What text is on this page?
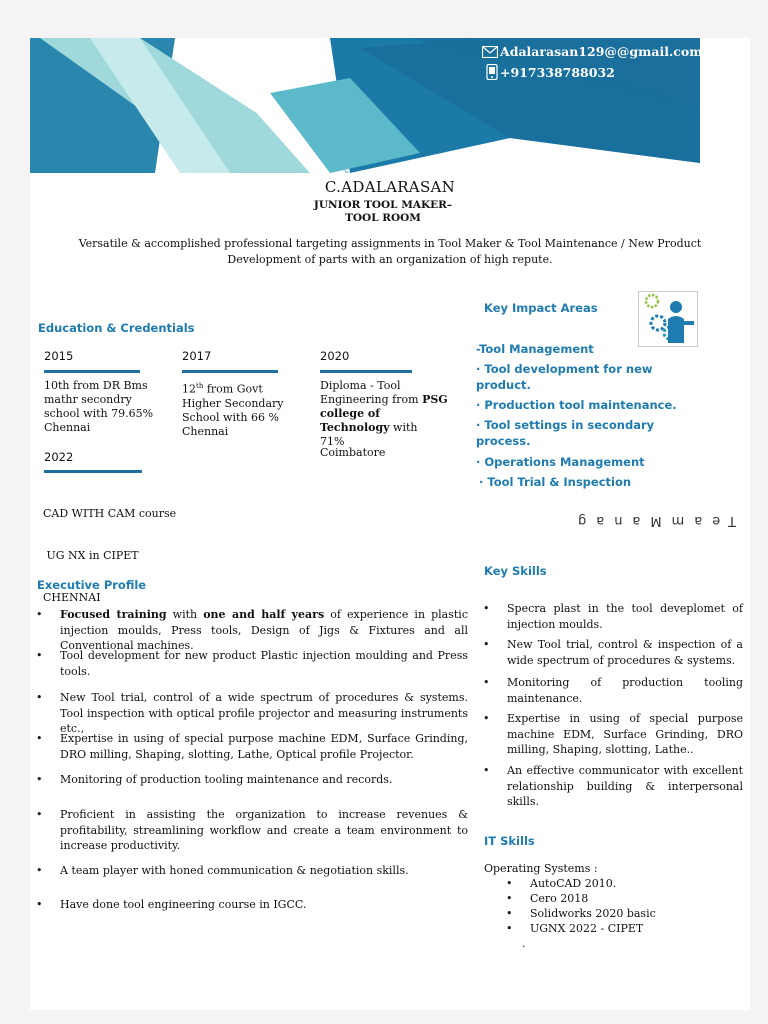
Adalarasan129@@gmail.com
+917338788032
C.ADALARASAN
JUNIOR TOOL MAKER– TOOL ROOM
Versatile & accomplished professional targeting assignments in Tool Maker & Tool Maintenance / New Product Development of parts with an organization of high repute.
Education & Credentials
2015
10th from DR Bms
mathr secondry
school with 79.65%
Chennai
2017
12th from Govt
Higher Secondary
School with 66 %
Chennai
2020
Diploma - Tool
Engineering from PSG
college of
Technology with
71%
Coimbatore
2022

CAD WITH CAM course

UG NX in CIPET

CHENNAI

Key Impact Areas
-Tool Management
· Tool development for new product.
· Production tool maintenance.
· Tool settings in secondary process.
· Operations Management
· Tool Trial & Inspection
TeamManag
Executive Profile
• Focused training with one and half years of experience in plastic injection moulds, Press tools, Design of Jigs & Fixtures and all Conventional machines.
• Tool development for new product Plastic injection moulding and Press tools.
• New Tool trial, control of a wide spectrum of procedures & systems. Tool inspection with optical profile projector and measuring instruments etc.,
• Expertise in using of special purpose machine EDM, Surface Grinding, DRO milling, Shaping, slotting, Lathe, Optical profile Projector.
• Monitoring of production tooling maintenance and records.
• Proficient in assisting the organization to increase revenues & profitability, streamlining workflow and create a team environment to increase productivity.
• A team player with honed communication & negotiation skills.
• Have done tool engineering course in IGCC.
Key Skills
• Specra plast in the tool deveplomet of injection moulds.
• New Tool trial, control & inspection of a wide spectrum of procedures & systems.
• Monitoring of production tooling maintenance.
• Expertise in using of special purpose machine EDM, Surface Grinding, DRO milling, Shaping, slotting, Lathe..
• An effective communicator with excellent relationship building & interpersonal skills.
IT Skills
Operating Systems :
• AutoCAD 2010.
• Cero 2018
• Solidworks 2020 basic
• UGNX 2022 - CIPET
.
